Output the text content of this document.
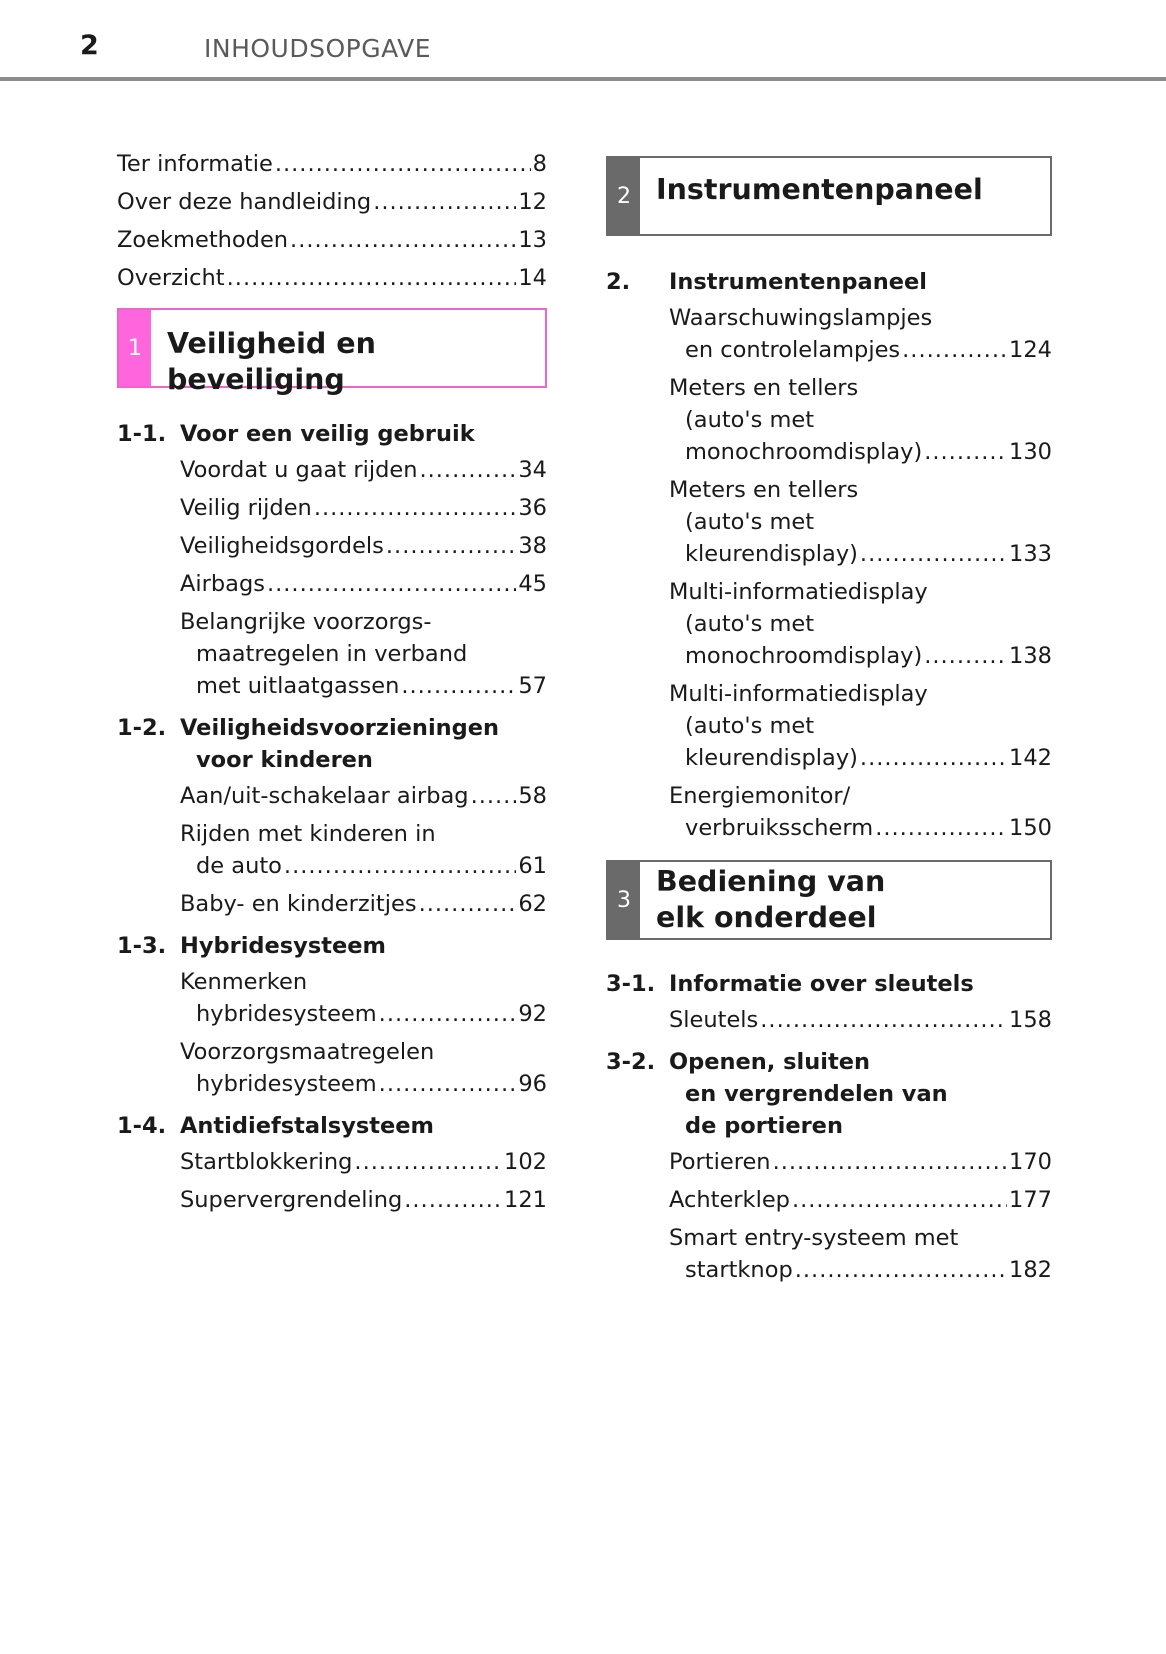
2	INHOUDSOPGAVE
Ter informatie .....	8
Over deze handleiding .....	12
Zoekmethoden .....	13
Overzicht .....	14
1 Veiligheid en beveiliging
1-1. Voor een veilig gebruik
Voordat u gaat rijden .....	34
Veilig rijden .....	36
Veiligheidsgordels .....	38
Airbags .....	45
Belangrijke voorzorgs-
maatregelen in verband
met uitlaatgassen .....	57
1-2. Veiligheidsvoorzieningen
voor kinderen
Aan/uit-schakelaar airbag ..... 58
Rijden met kinderen in
de auto .....	61
Baby- en kinderzitjes .....	62
1-3. Hybridesysteem
Kenmerken
hybridesysteem .....	92
Voorzorgsmaatregelen
hybridesysteem .....	96
1-4. Antidiefstalsysteem
Startblokkering .....	102
Supervergrendeling .....	121
2 Instrumentenpaneel
2.	Instrumentenpaneel
Waarschuwingslampjes
en controlelampjes .....	124
Meters en tellers
(auto's met
monochroomdisplay) .....	130
Meters en tellers
(auto's met
kleurendisplay) .....	133
Multi-informatiedisplay
(auto's met
monochroomdisplay) .....	138
Multi-informatiedisplay
(auto's met
kleurendisplay) .....	142
Energiemonitor/
verbruiksscherm .....	150
3
Bediening van
elk onderdeel
3-1. Informatie over sleutels
Sleutels .....	158
3-2. Openen, sluiten
en vergrendelen van
de portieren
Portieren .....	170
Achterklep .....	177
Smart entry-systeem met
startknop .....	182
